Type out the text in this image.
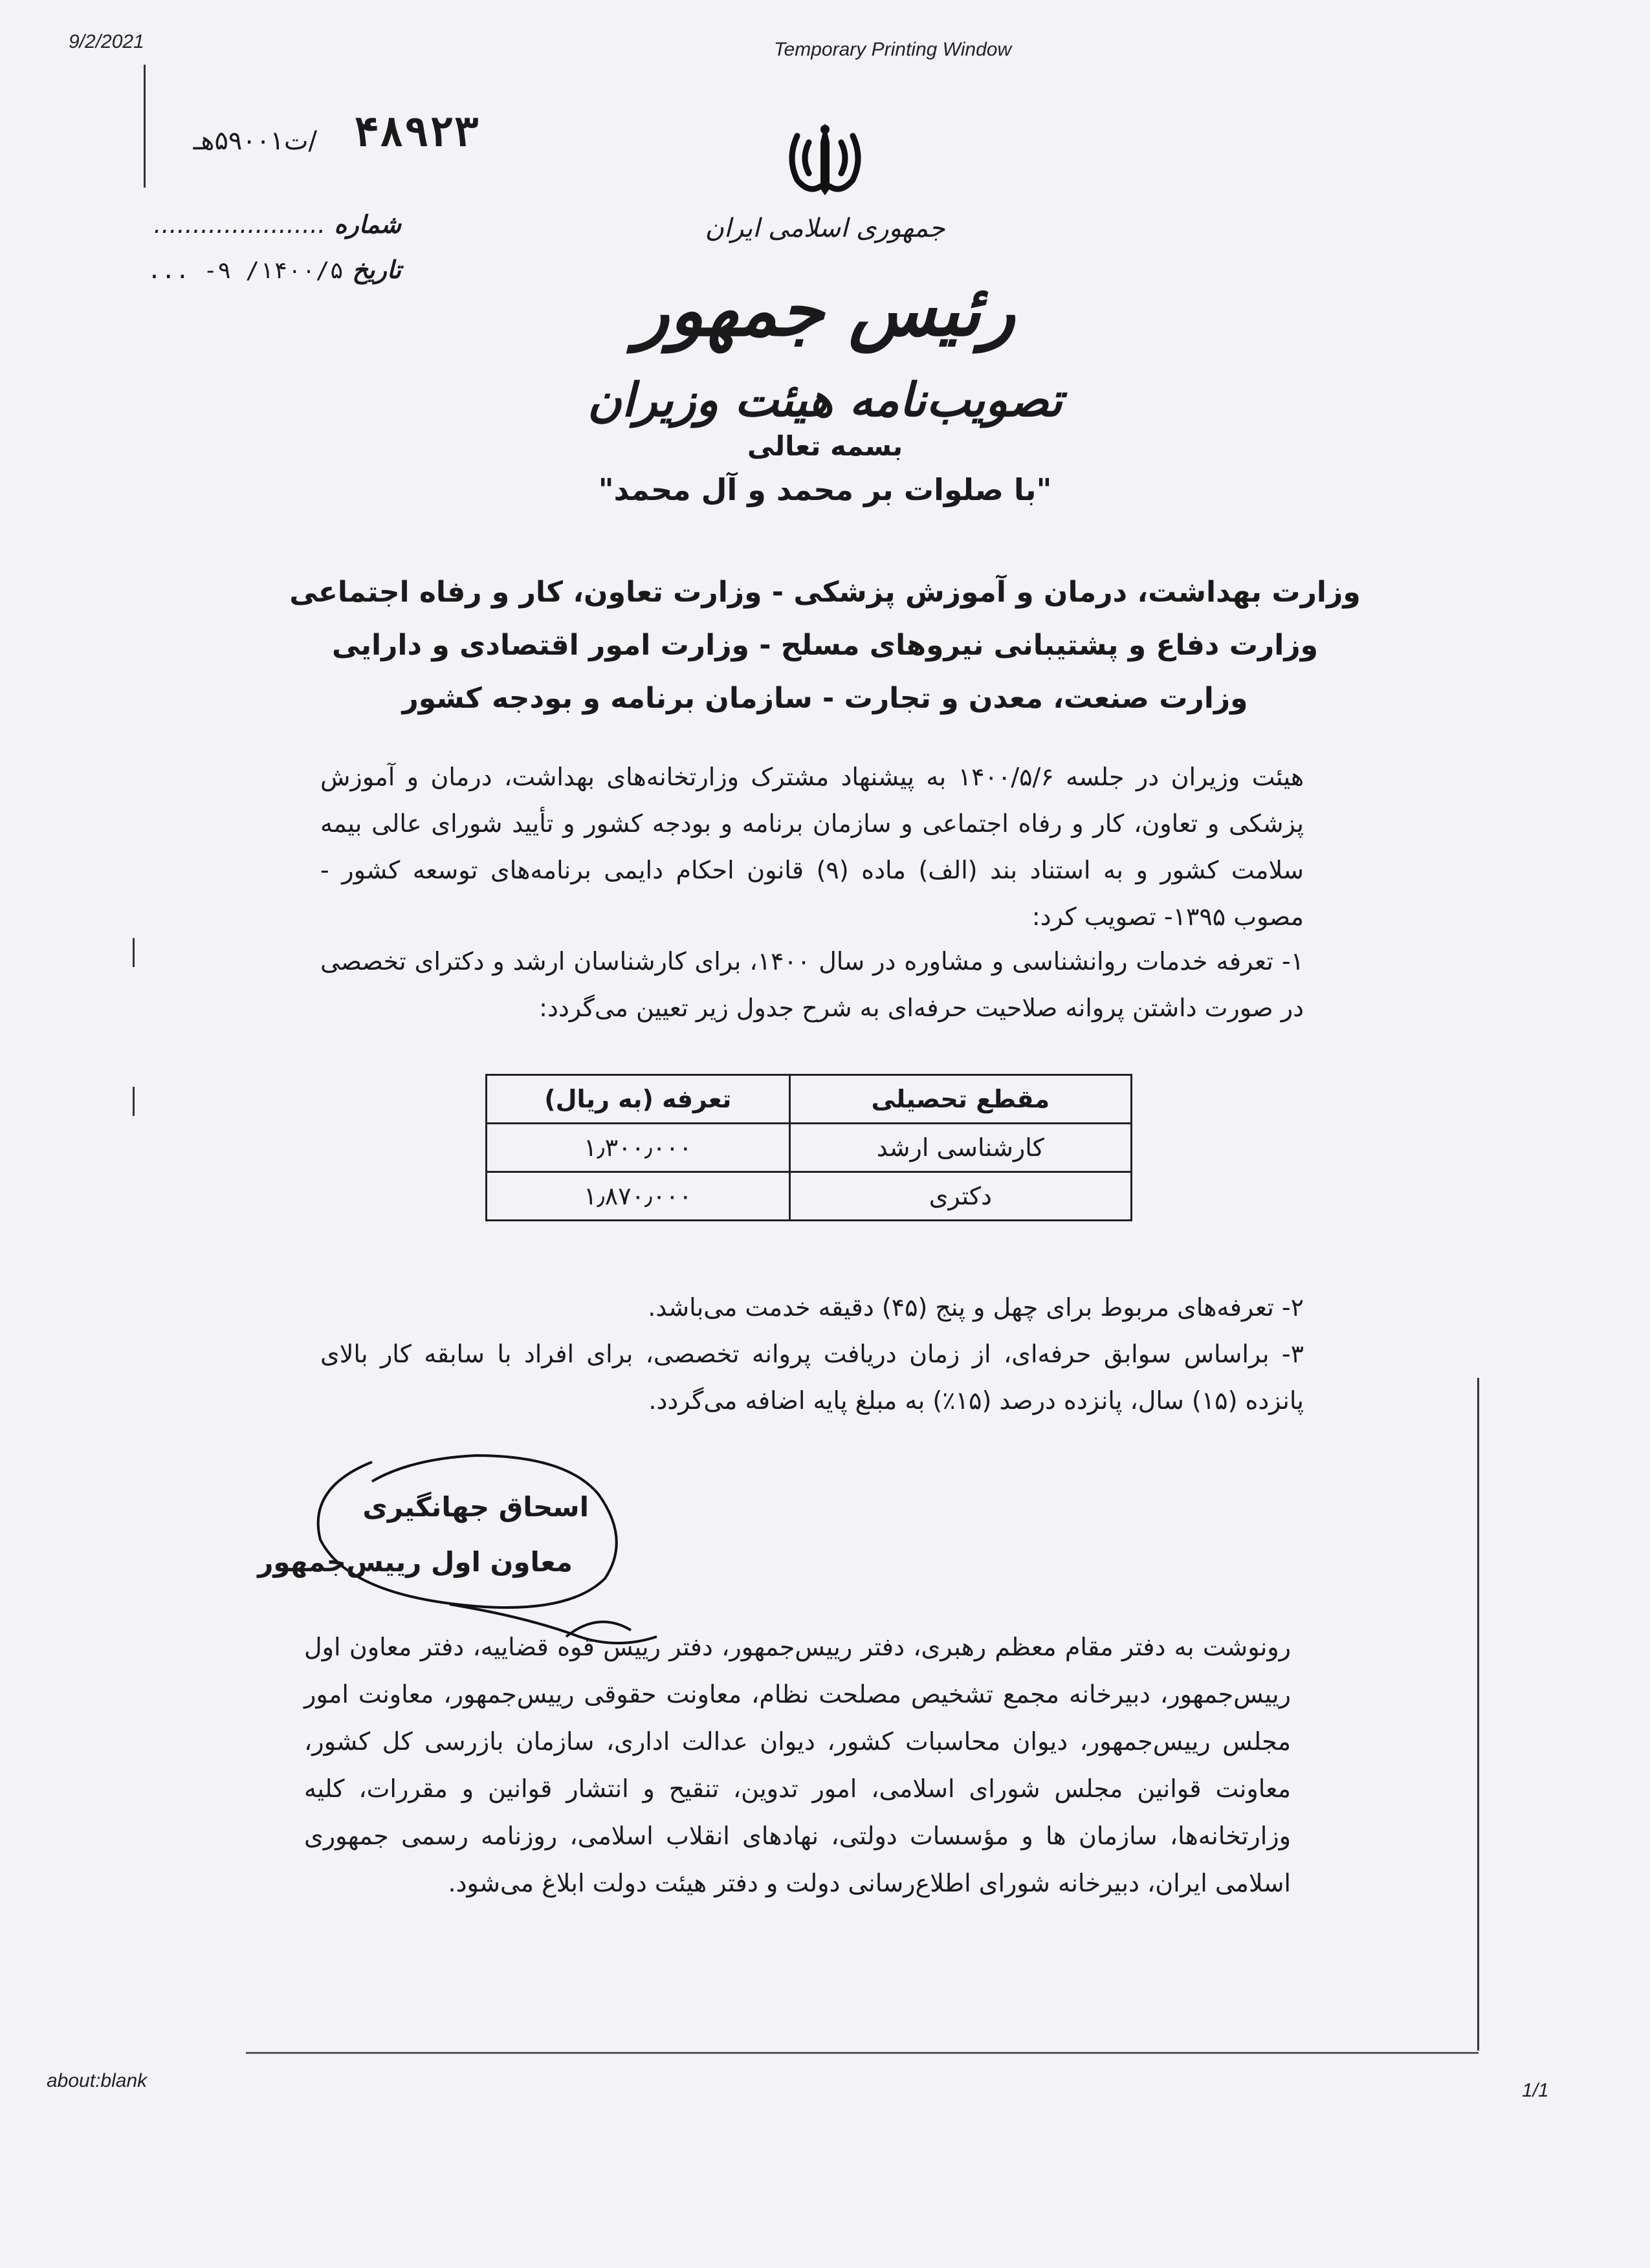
9/2/2021	Temporary Printing Window
about:blank	1/1
۴۸۹۲۳
/ت۵۹۰۰۱هـ
شماره ......................
تاریخ ۱۴۰۰/۵/ ۹- ...
جمهوری اسلامی ایران
رئیس جمهور
تصویب‌نامه هیئت وزیران
بسمه تعالی
"با صلوات بر محمد و آل محمد"
وزارت بهداشت، درمان و آموزش پزشکی - وزارت تعاون، کار و رفاه اجتماعی
وزارت دفاع و پشتیبانی نیروهای مسلح - وزارت امور اقتصادی و دارایی
وزارت صنعت، معدن و تجارت - سازمان برنامه و بودجه کشور
هیئت وزیران در جلسه ۱۴۰۰/۵/۶ به پیشنهاد مشترک وزارتخانه‌های بهداشت، درمان و آموزش پزشکی و تعاون، کار و رفاه اجتماعی و سازمان برنامه و بودجه کشور و تأیید شورای عالی بیمه سلامت کشور و به استناد بند (الف) ماده (۹) قانون احکام دایمی برنامه‌های توسعه کشور - مصوب ۱۳۹۵- تصویب کرد:
۱- تعرفه خدمات روانشناسی و مشاوره در سال ۱۴۰۰، برای کارشناسان ارشد و دکترای تخصصی در صورت داشتن پروانه صلاحیت حرفه‌ای به شرح جدول زیر تعیین می‌گردد:
مقطع تحصیلی	تعرفه (به ریال)
کارشناسی ارشد	۱٫۳۰۰٫۰۰۰
دکتری	۱٫۸۷۰٫۰۰۰
۲- تعرفه‌های مربوط برای چهل و پنج (۴۵) دقیقه خدمت می‌باشد.
۳- براساس سوابق حرفه‌ای، از زمان دریافت پروانه تخصصی، برای افراد با سابقه کار بالای پانزده (۱۵) سال، پانزده درصد (۱۵٪) به مبلغ پایه اضافه می‌گردد.
اسحاق جهانگیری
معاون اول رییس‌جمهور
رونوشت به دفتر مقام معظم رهبری، دفتر رییس‌جمهور، دفتر رییس قوه قضاییه، دفتر معاون اول رییس‌جمهور، دبیرخانه مجمع تشخیص مصلحت نظام، معاونت حقوقی رییس‌جمهور، معاونت امور مجلس رییس‌جمهور، دیوان محاسبات کشور، دیوان عدالت اداری، سازمان بازرسی کل کشور، معاونت قوانین مجلس شورای اسلامی، امور تدوین، تنقیح و انتشار قوانین و مقررات، کلیه وزارتخانه‌ها، سازمان ها و مؤسسات دولتی، نهادهای انقلاب اسلامی، روزنامه رسمی جمهوری اسلامی ایران، دبیرخانه شورای اطلاع‌رسانی دولت و دفتر هیئت دولت ابلاغ می‌شود.
